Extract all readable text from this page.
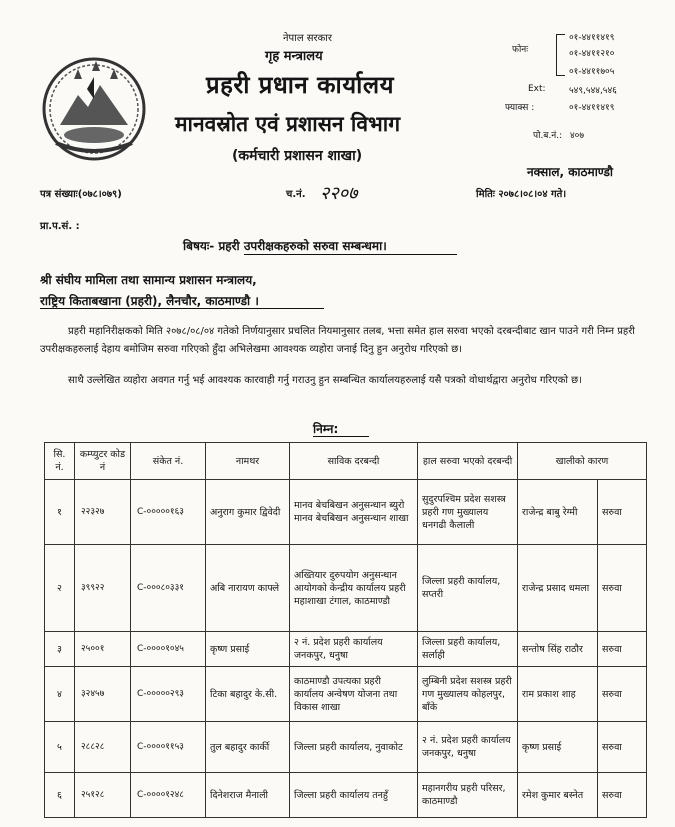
नेपाल सरकार
गृह मन्त्रालय
प्रहरी प्रधान कार्यालय
मानवस्रोत एवं प्रशासन विभाग
(कर्मचारी प्रशासन शाखा)
फोनः
०१-४४११४१९
०१-४४११२१०
०१-४४११७०५
Ext:	५४९,५४४,५४६
फ्याक्स :	०१-४४११४१९
पो.ब.नं.: ४०७
नक्साल, काठमाण्डौ
पत्र संख्याः(०७८।०७९)	च.नं. २२०७	मितिः २०७८।०८।०४ गते।
प्रा.प.सं. :
बिषयः- प्रहरी उपरीक्षकहरुको सरुवा सम्बन्धमा।
श्री संघीय मामिला तथा सामान्य प्रशासन मन्त्रालय,
राष्ट्रिय किताबखाना (प्रहरी), लैनचौर, काठमाण्डौ ।
प्रहरी महानिरीक्षकको मिति २०७८/०८/०४ गतेको निर्णयानुसार प्रचलित नियमानुसार तलब, भत्ता समेत हाल सरुवा भएको दरबन्दीबाट खान पाउने गरी निम्न प्रहरी उपरीक्षकहरुलाई देहाय बमोजिम सरुवा गरिएको हुँदा अभिलेखमा आवश्यक व्यहोरा जनाई दिनु हुन अनुरोध गरिएको छ।
साथै उल्लेखित व्यहोरा अवगत गर्नु भई आवश्यक कारवाही गर्नु गराउनु हुन सम्बन्धित कार्यालयहरुलाई यसै पत्रको वोधार्थद्वारा अनुरोध गरिएको छ।
निम्न:
सि. नं.	कम्प्युटर कोड नं	संकेत नं.	नामथर	साविक दरबन्दी	हाल सरुवा भएको दरबन्दी	खालीको कारण	
१	२२३२७	C-०००००१६३	अनुराग कुमार द्विवेदी	मानव बेचबिखन अनुसन्धान ब्युरो मानव बेचबिखन अनुसन्धान शाखा	सुदुरपश्चिम प्रदेश सशस्त्र प्रहरी गण मुख्यालय धनगढी कैलाली	राजेन्द्र बाबु रेग्मी	सरुवा
२	३९९२२	C-०००८०३३१	अबि नारायण काफ्ले	अख्तियार दुरुपयोग अनुसन्धान आयोगको केन्द्रीय कार्यालय प्रहरी महाशाखा टंगाल, काठमाण्डौ	जिल्ला प्रहरी कार्यालय, सप्तरी	राजेन्द्र प्रसाद धमला	सरुवा
३	२५००१	C-००००१०४५	कृष्ण प्रसाई	२ नं. प्रदेश प्रहरी कार्यालय जनकपुर, धनुषा	जिल्ला प्रहरी कार्यालय, सर्लाही	सन्तोष सिंह राठौर	सरुवा
४	३२४५७	C-०००००२९३	टिका बहादुर के.सी.	काठमाण्डौ उपत्यका प्रहरी कार्यालय अन्वेषण योजना तथा विकास शाखा	लुम्बिनी प्रदेश सशस्त्र प्रहरी गण मुख्यालय कोहलपुर, बाँके	राम प्रकाश शाह	सरुवा
५	२८८२८	C-००००११५३	तुल बहादुर कार्की	जिल्ला प्रहरी कार्यालय, नुवाकोट	२ नं. प्रदेश प्रहरी कार्यालय जनकपुर, धनुषा	कृष्ण प्रसाई	सरुवा
६	२५१२८	C-००००१२४८	दिनेशराज मैनाली	जिल्ला प्रहरी कार्यालय तनहुँ	महानगरीय प्रहरी परिसर, काठमाण्डौ	रमेश कुमार बस्नेत	सरुवा
